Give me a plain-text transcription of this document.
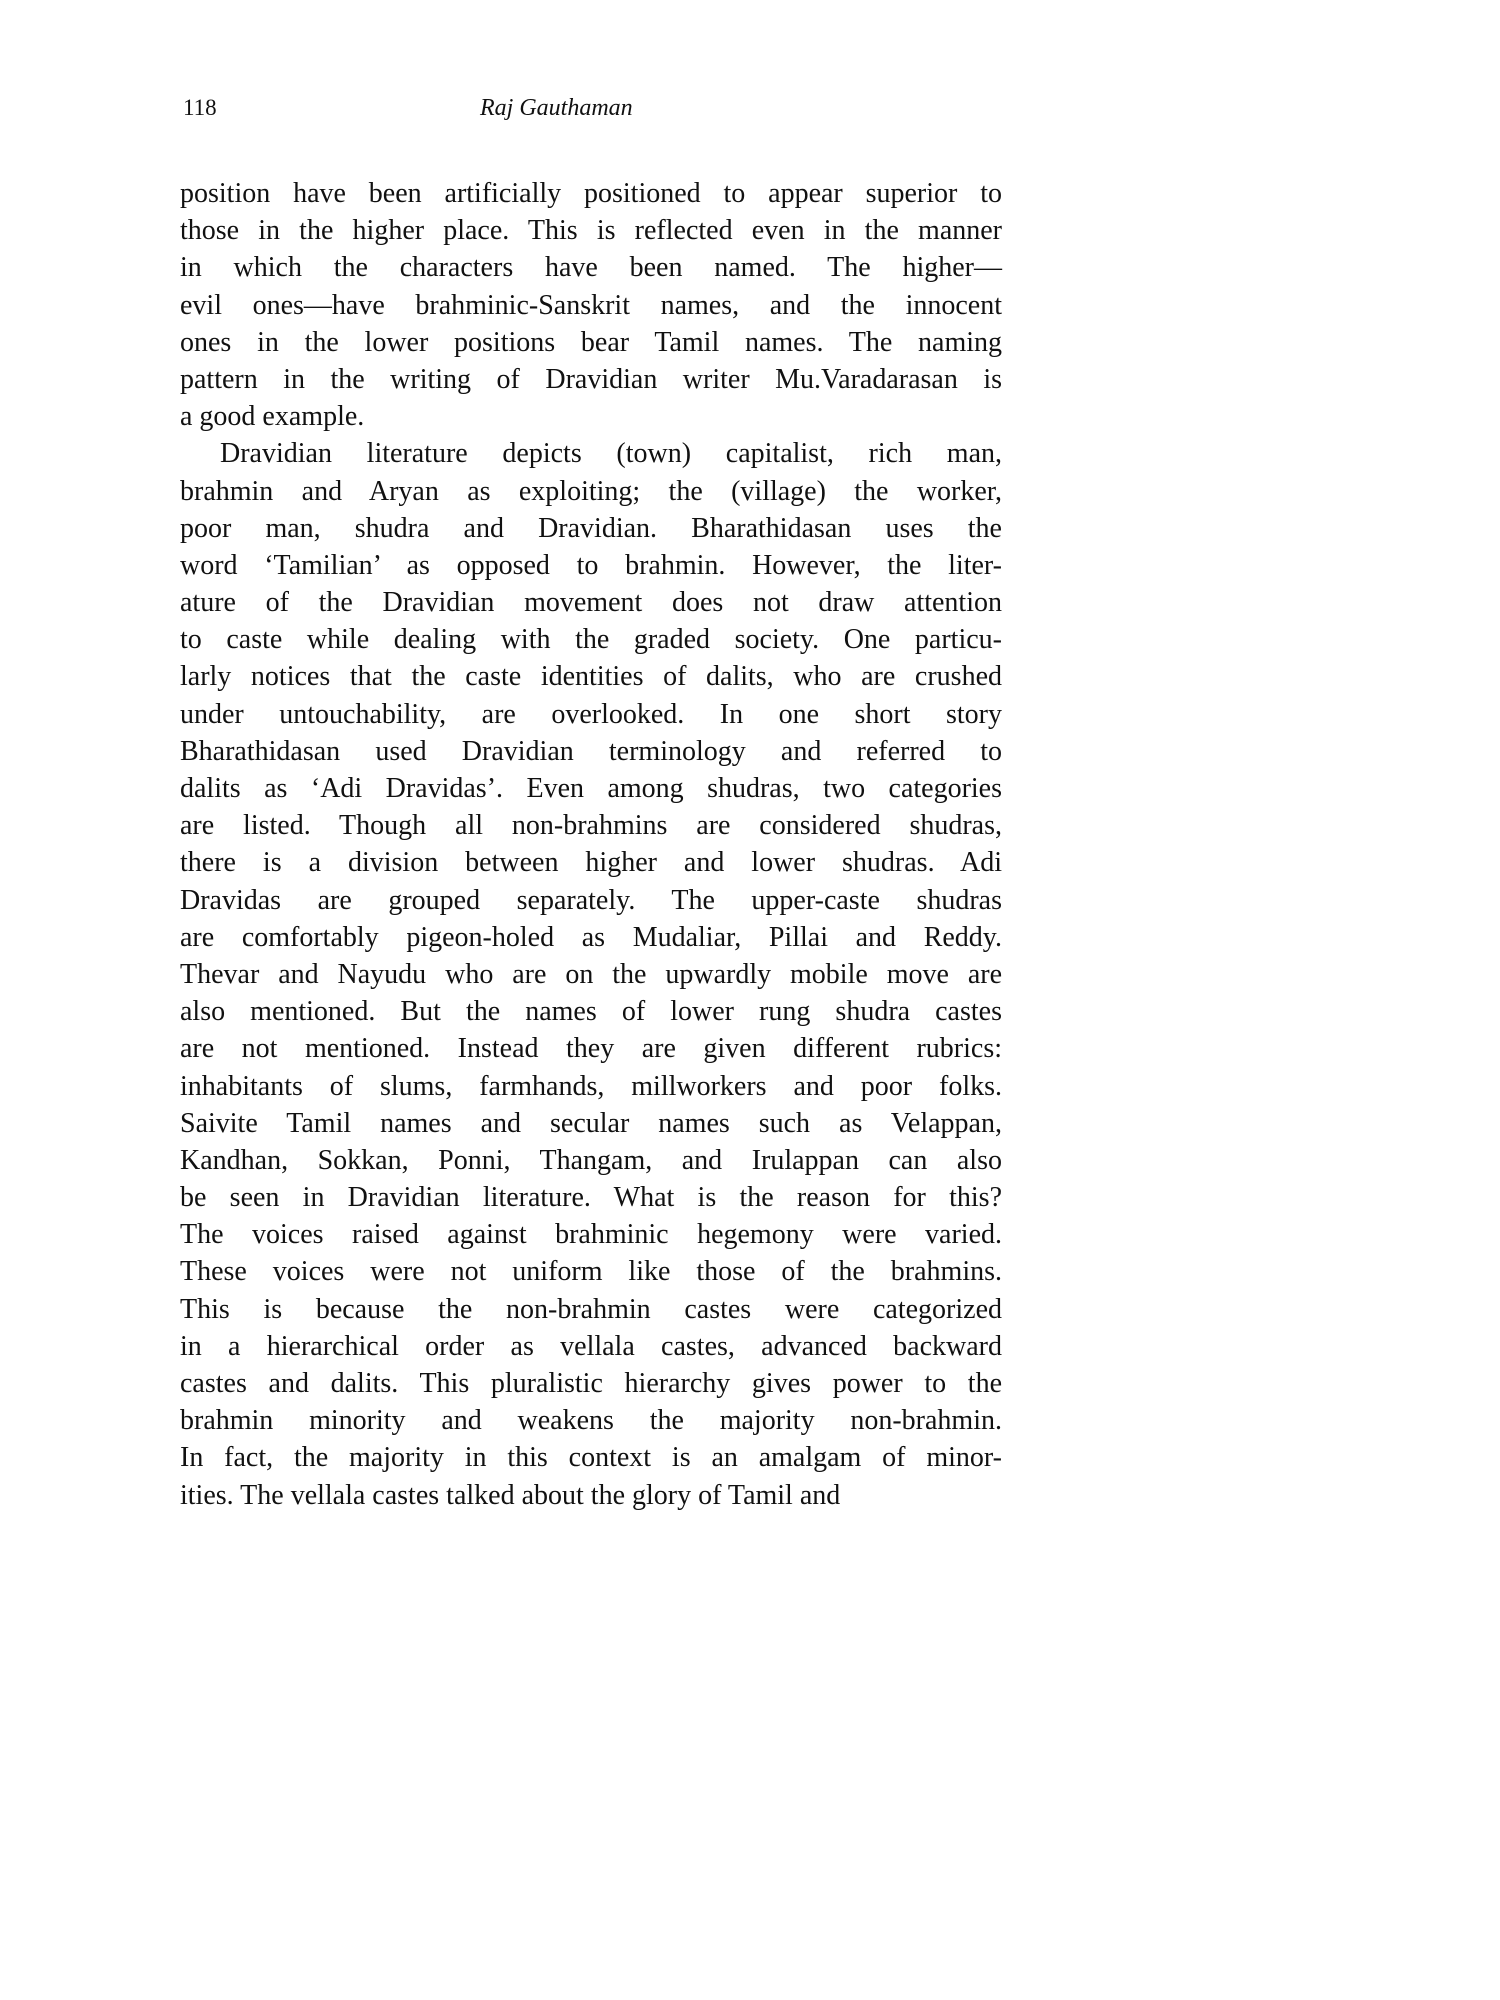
118	Raj Gauthaman
position have been artificially positioned to appear superior to
those in the higher place. This is reflected even in the manner
in which the characters have been named. The higher—
evil ones—have brahminic-Sanskrit names, and the innocent
ones in the lower positions bear Tamil names. The naming
pattern in the writing of Dravidian writer Mu.Varadarasan is
a good example.
Dravidian literature depicts (town) capitalist, rich man,
brahmin and Aryan as exploiting; the (village) the worker,
poor man, shudra and Dravidian. Bharathidasan uses the
word ‘Tamilian’ as opposed to brahmin. However, the liter-
ature of the Dravidian movement does not draw attention
to caste while dealing with the graded society. One particu-
larly notices that the caste identities of dalits, who are crushed
under untouchability, are overlooked. In one short story
Bharathidasan used Dravidian terminology and referred to
dalits as ‘Adi Dravidas’. Even among shudras, two categories
are listed. Though all non-brahmins are considered shudras,
there is a division between higher and lower shudras. Adi
Dravidas are grouped separately. The upper-caste shudras
are comfortably pigeon-holed as Mudaliar, Pillai and Reddy.
Thevar and Nayudu who are on the upwardly mobile move are
also mentioned. But the names of lower rung shudra castes
are not mentioned. Instead they are given different rubrics:
inhabitants of slums, farmhands, millworkers and poor folks.
Saivite Tamil names and secular names such as Velappan,
Kandhan, Sokkan, Ponni, Thangam, and Irulappan can also
be seen in Dravidian literature. What is the reason for this?
The voices raised against brahminic hegemony were varied.
These voices were not uniform like those of the brahmins.
This is because the non-brahmin castes were categorized
in a hierarchical order as vellala castes, advanced backward
castes and dalits. This pluralistic hierarchy gives power to the
brahmin minority and weakens the majority non-brahmin.
In fact, the majority in this context is an amalgam of minor-
ities. The vellala castes talked about the glory of Tamil and
